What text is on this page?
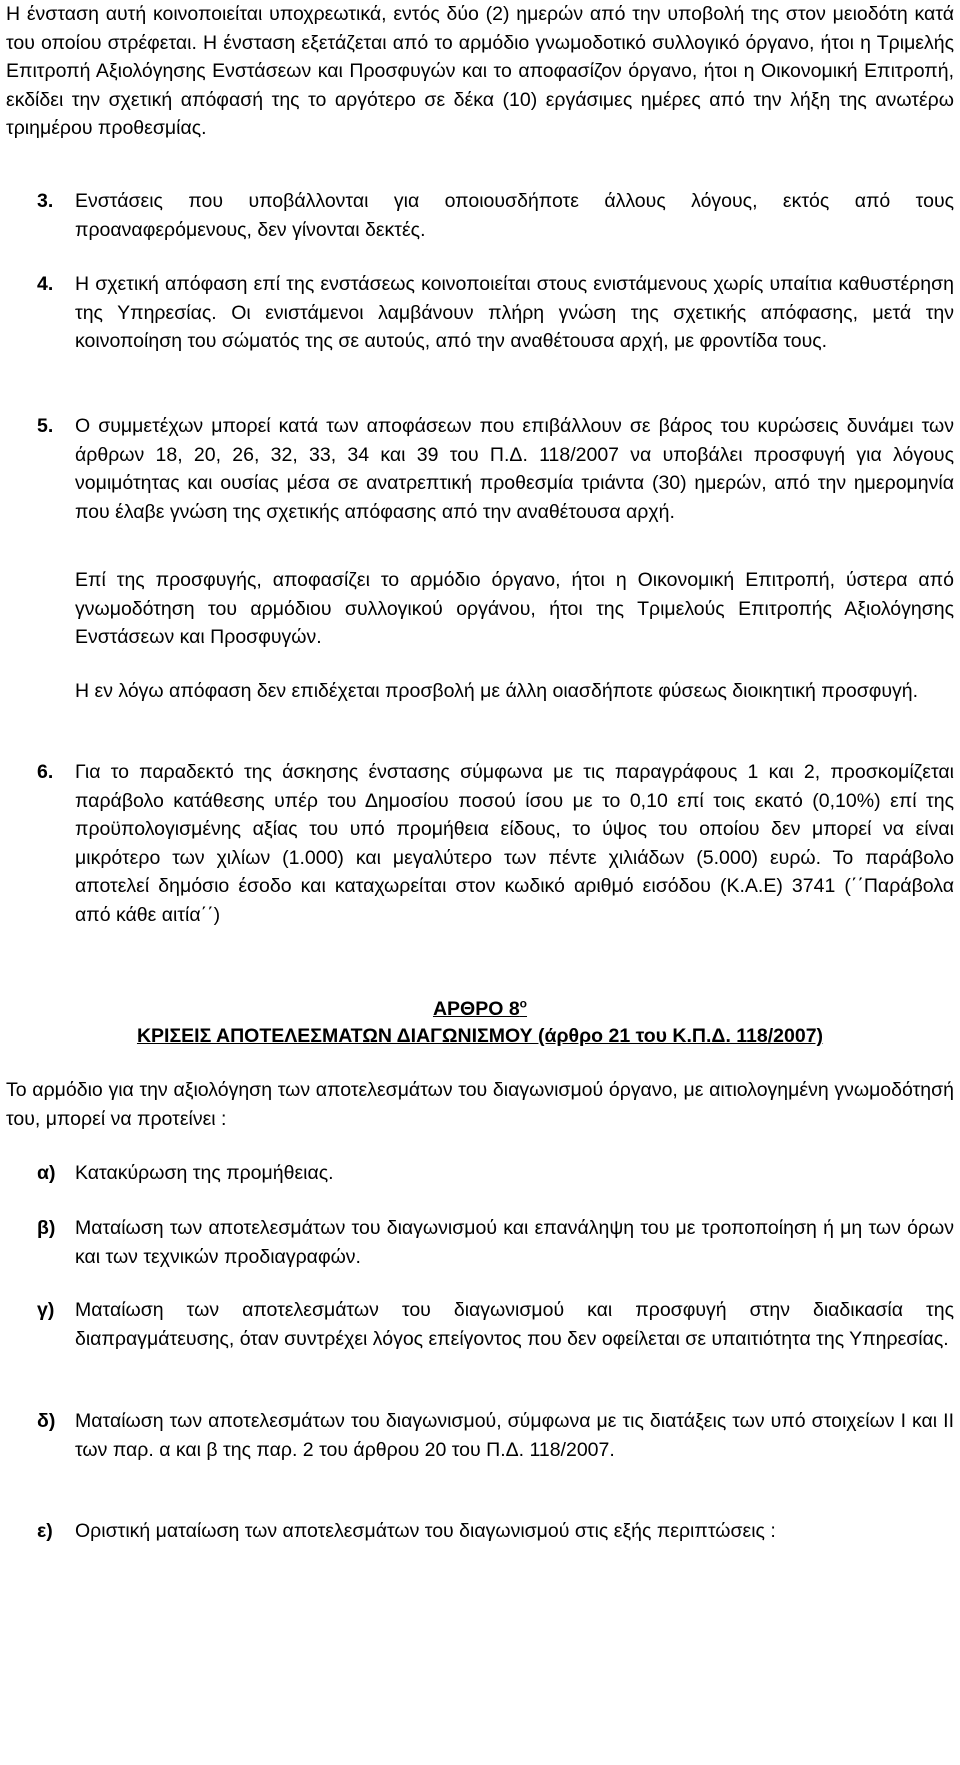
Η ένσταση αυτή κοινοποιείται υποχρεωτικά, εντός δύο (2) ημερών από την υποβολή της στον μειοδότη κατά του οποίου στρέφεται. Η ένσταση εξετάζεται από το αρμόδιο γνωμοδοτικό συλλογικό όργανο, ήτοι η Τριμελής Επιτροπή Αξιολόγησης Ενστάσεων και Προσφυγών και το αποφασίζον όργανο, ήτοι η Οικονομική Επιτροπή, εκδίδει την σχετική απόφασή της το αργότερο σε δέκα (10) εργάσιμες ημέρες από την λήξη της ανωτέρω τριημέρου προθεσμίας.

3. Ενστάσεις που υποβάλλονται για οποιουσδήποτε άλλους λόγους, εκτός από τους προαναφερόμενους, δεν γίνονται δεκτές.

4. Η σχετική απόφαση επί της ενστάσεως κοινοποιείται στους ενιστάμενους χωρίς υπαίτια καθυστέρηση της Υπηρεσίας. Οι ενιστάμενοι λαμβάνουν πλήρη γνώση της σχετικής απόφασης, μετά την κοινοποίηση του σώματός της σε αυτούς, από την αναθέτουσα αρχή, με φροντίδα τους.

5. Ο συμμετέχων μπορεί κατά των αποφάσεων που επιβάλλουν σε βάρος του κυρώσεις δυνάμει των άρθρων 18, 20, 26, 32, 33, 34 και 39 του Π.Δ. 118/2007 να υποβάλει προσφυγή για λόγους νομιμότητας και ουσίας μέσα σε ανατρεπτική προθεσμία τριάντα (30) ημερών, από την ημερομηνία που έλαβε γνώση της σχετικής απόφασης από την αναθέτουσα αρχή.

Επί της προσφυγής, αποφασίζει το αρμόδιο όργανο, ήτοι η Οικονομική Επιτροπή, ύστερα από γνωμοδότηση του αρμόδιου συλλογικού οργάνου, ήτοι της Τριμελούς Επιτροπής Αξιολόγησης Ενστάσεων και Προσφυγών.

Η εν λόγω απόφαση δεν επιδέχεται προσβολή με άλλη οιασδήποτε φύσεως διοικητική προσφυγή.

6. Για το παραδεκτό της άσκησης ένστασης σύμφωνα με τις παραγράφους 1 και 2, προσκομίζεται παράβολο κατάθεσης υπέρ του Δημοσίου ποσού ίσου με το 0,10 επί τοις εκατό (0,10%) επί της προϋπολογισμένης αξίας του υπό προμήθεια είδους, το ύψος του οποίου δεν μπορεί να είναι μικρότερο των χιλίων (1.000) και μεγαλύτερο των πέντε χιλιάδων (5.000) ευρώ. Το παράβολο αποτελεί δημόσιο έσοδο και καταχωρείται στον κωδικό αριθμό εισόδου (Κ.Α.Ε) 3741 (΄΄Παράβολα από κάθε αιτία΄΄)

ΑΡΘΡΟ $8^o$
ΚΡΙΣΕΙΣ ΑΠΟΤΕΛΕΣΜΑΤΩΝ ΔΙΑΓΩΝΙΣΜΟΥ (άρθρο 21 του Κ.Π.Δ. 118/2007)

Το αρμόδιο για την αξιολόγηση των αποτελεσμάτων του διαγωνισμού όργανο, με αιτιολογημένη γνωμοδότησή του, μπορεί να προτείνει :

α) Κατακύρωση της προμήθειας.

β) Ματαίωση των αποτελεσμάτων του διαγωνισμού και επανάληψη του με τροποποίηση ή μη των όρων και των τεχνικών προδιαγραφών.

γ) Ματαίωση των αποτελεσμάτων του διαγωνισμού και προσφυγή στην διαδικασία της διαπραγμάτευσης, όταν συντρέχει λόγος επείγοντος που δεν οφείλεται σε υπαιτιότητα της Υπηρεσίας.

δ) Ματαίωση των αποτελεσμάτων του διαγωνισμού, σύμφωνα με τις διατάξεις των υπό στοιχείων Ι και ΙΙ των παρ. α και β της παρ. 2 του άρθρου 20 του Π.Δ. 118/2007.

ε) Οριστική ματαίωση των αποτελεσμάτων του διαγωνισμού στις εξής περιπτώσεις :
